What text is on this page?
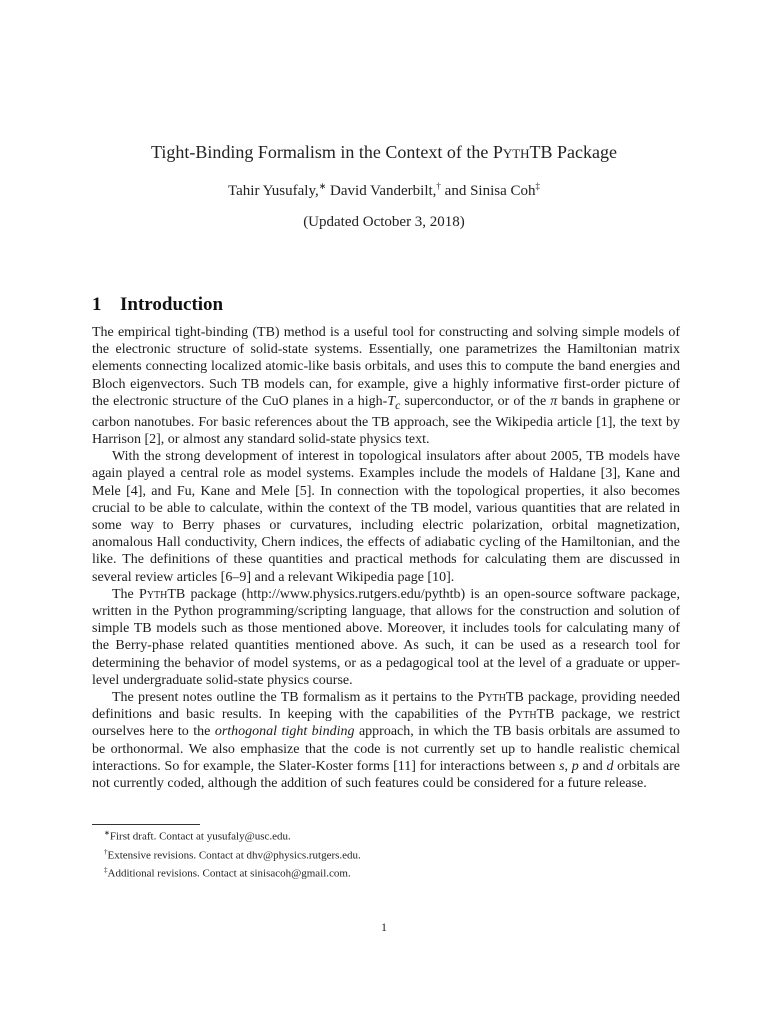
Tight-Binding Formalism in the Context of the PythTB Package
Tahir Yusufaly,∗ David Vanderbilt,† and Sinisa Coh‡
(Updated October 3, 2018)
1 Introduction

The empirical tight-binding (TB) method is a useful tool for constructing and solving simple models of the electronic structure of solid-state systems. Essentially, one parametrizes the Hamiltonian matrix elements connecting localized atomic-like basis orbitals, and uses this to compute the band energies and Bloch eigenvectors. Such TB models can, for example, give a highly informative first-order picture of the electronic structure of the CuO planes in a high-$T_c$ superconductor, or of the π bands in graphene or carbon nanotubes. For basic references about the TB approach, see the Wikipedia article [1], the text by Harrison [2], or almost any standard solid-state physics text.

With the strong development of interest in topological insulators after about 2005, TB models have again played a central role as model systems. Examples include the models of Haldane [3], Kane and Mele [4], and Fu, Kane and Mele [5]. In connection with the topological properties, it also becomes crucial to be able to calculate, within the context of the TB model, various quantities that are related in some way to Berry phases or curvatures, including electric polarization, orbital magnetization, anomalous Hall conductivity, Chern indices, the effects of adiabatic cycling of the Hamiltonian, and the like. The definitions of these quantities and practical methods for calculating them are discussed in several review articles [6–9] and a relevant Wikipedia page [10].

The PythTB package (http://www.physics.rutgers.edu/pythtb) is an open-source software package, written in the Python programming/scripting language, that allows for the construction and solution of simple TB models such as those mentioned above. Moreover, it includes tools for calculating many of the Berry-phase related quantities mentioned above. As such, it can be used as a research tool for determining the behavior of model systems, or as a pedagogical tool at the level of a graduate or upper-level undergraduate solid-state physics course.

The present notes outline the TB formalism as it pertains to the PythTB package, providing needed definitions and basic results. In keeping with the capabilities of the PythTB package, we restrict ourselves here to the orthogonal tight binding approach, in which the TB basis orbitals are assumed to be orthonormal. We also emphasize that the code is not currently set up to handle realistic chemical interactions. So for example, the Slater-Koster forms [11] for interactions between s, p and d orbitals are not currently coded, although the addition of such features could be considered for a future release.

∗First draft. Contact at yusufaly@usc.edu.
†Extensive revisions. Contact at dhv@physics.rutgers.edu.
‡Additional revisions. Contact at sinisacoh@gmail.com.
1
